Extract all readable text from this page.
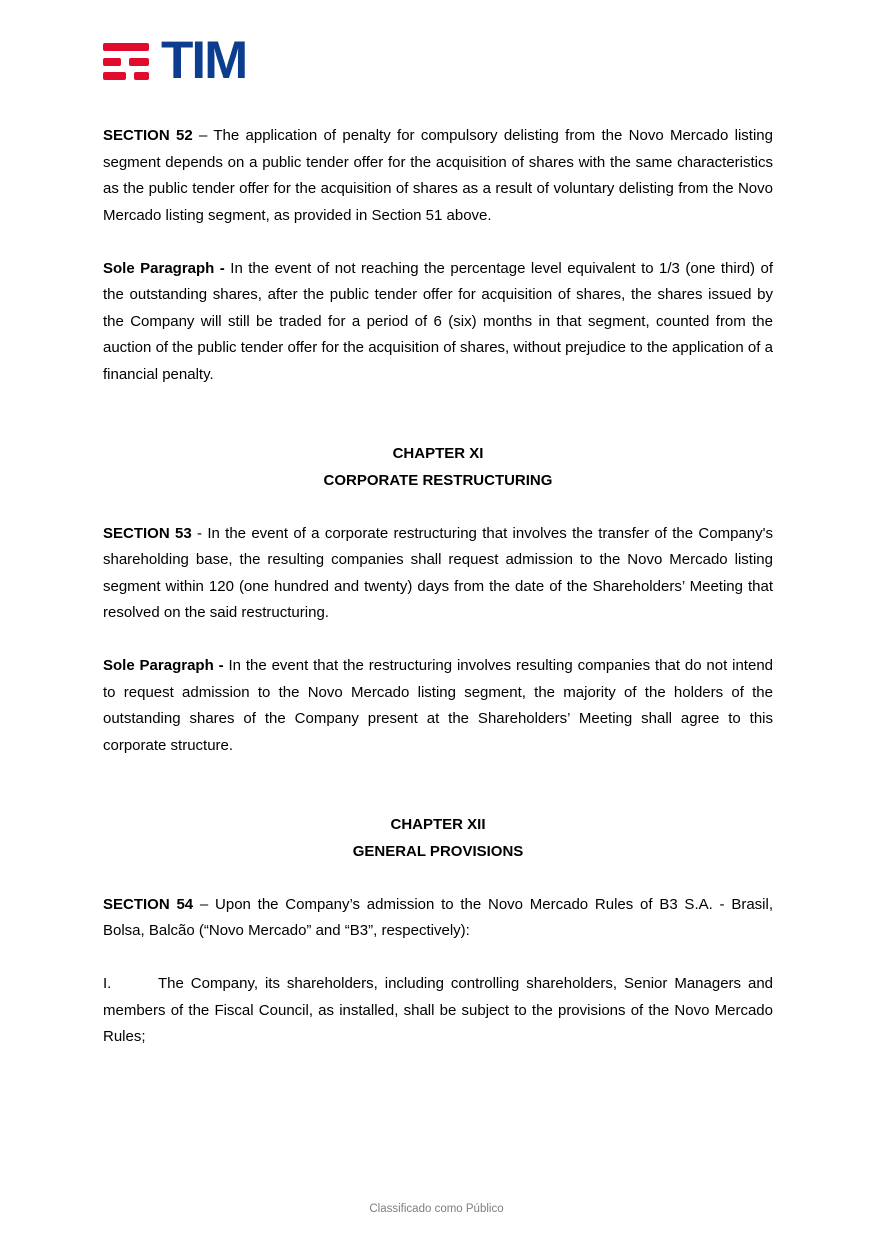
TIM

SECTION 52 – The application of penalty for compulsory delisting from the Novo Mercado listing segment depends on a public tender offer for the acquisition of shares with the same characteristics as the public tender offer for the acquisition of shares as a result of voluntary delisting from the Novo Mercado listing segment, as provided in Section 51 above.

Sole Paragraph - In the event of not reaching the percentage level equivalent to 1/3 (one third) of the outstanding shares, after the public tender offer for acquisition of shares, the shares issued by the Company will still be traded for a period of 6 (six) months in that segment, counted from the auction of the public tender offer for the acquisition of shares, without prejudice to the application of a financial penalty.

CHAPTER XI
CORPORATE RESTRUCTURING

SECTION 53 - In the event of a corporate restructuring that involves the transfer of the Company's shareholding base, the resulting companies shall request admission to the Novo Mercado listing segment within 120 (one hundred and twenty) days from the date of the Shareholders’ Meeting that resolved on the said restructuring.

Sole Paragraph - In the event that the restructuring involves resulting companies that do not intend to request admission to the Novo Mercado listing segment, the majority of the holders of the outstanding shares of the Company present at the Shareholders’ Meeting shall agree to this corporate structure.

CHAPTER XII
GENERAL PROVISIONS

SECTION 54 – Upon the Company’s admission to the Novo Mercado Rules of B3 S.A. - Brasil, Bolsa, Balcão (“Novo Mercado” and “B3”, respectively):

I.	The Company, its shareholders, including controlling shareholders, Senior Managers and members of the Fiscal Council, as installed, shall be subject to the provisions of the Novo Mercado Rules;

Classificado como Público
